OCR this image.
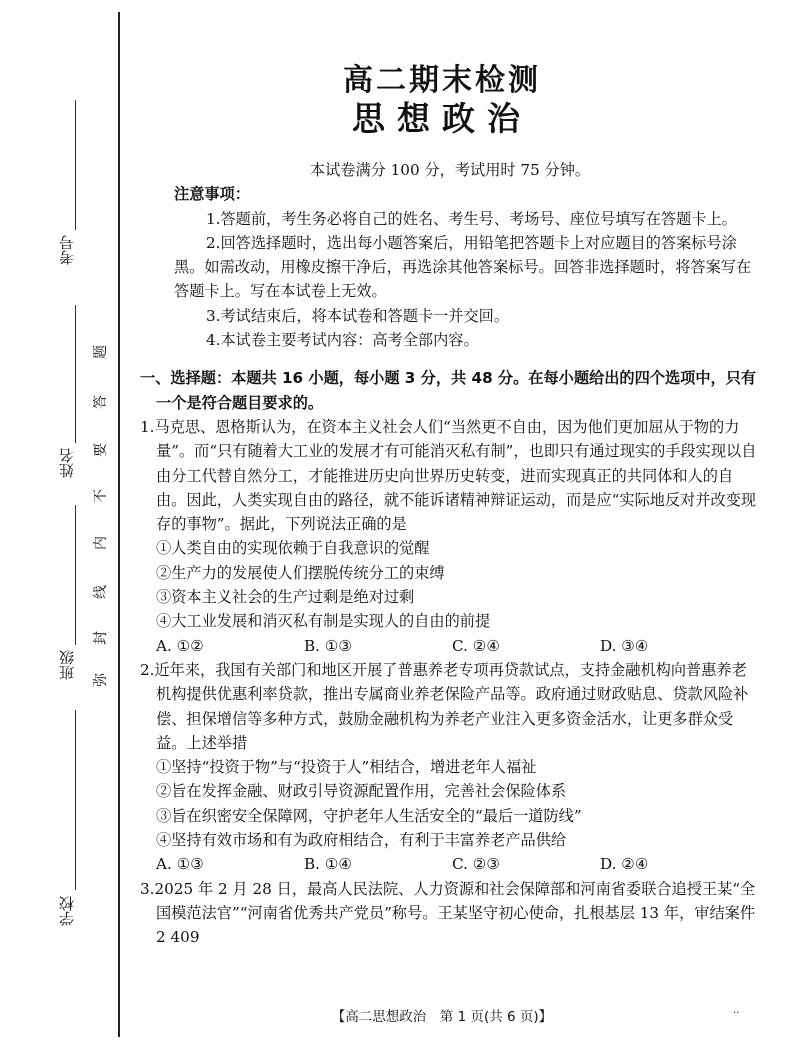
考号
姓名
班级
学校
弥
封
线
内
不
要
答
题
高二期末检测
思想政治
本试卷满分 100 分，考试用时 75 分钟。
注意事项：
1.答题前，考生务必将自己的姓名、考生号、考场号、座位号填写在答题卡上。
2.回答选择题时，选出每小题答案后，用铅笔把答题卡上对应题目的答案标号涂黑。如需改动，用橡皮擦干净后，再选涂其他答案标号。回答非选择题时，将答案写在答题卡上。写在本试卷上无效。
3.考试结束后，将本试卷和答题卡一并交回。
4.本试卷主要考试内容：高考全部内容。
一、选择题：本题共 16 小题，每小题 3 分，共 48 分。在每小题给出的四个选项中，只有一个是符合题目要求的。
1.马克思、恩格斯认为，在资本主义社会人们“当然更不自由，因为他们更加屈从于物的力量”。而“只有随着大工业的发展才有可能消灭私有制”，也即只有通过现实的手段实现以自由分工代替自然分工，才能推进历史向世界历史转变，进而实现真正的共同体和人的自由。因此，人类实现自由的路径，就不能诉诸精神辩证运动，而是应“实际地反对并改变现存的事物”。据此，下列说法正确的是
①人类自由的实现依赖于自我意识的觉醒
②生产力的发展使人们摆脱传统分工的束缚
③资本主义社会的生产过剩是绝对过剩
④大工业发展和消灭私有制是实现人的自由的前提
A. ①②	B. ①③	C. ②④	D. ③④
2.近年来，我国有关部门和地区开展了普惠养老专项再贷款试点，支持金融机构向普惠养老机构提供优惠利率贷款，推出专属商业养老保险产品等。政府通过财政贴息、贷款风险补偿、担保增信等多种方式，鼓励金融机构为养老产业注入更多资金活水，让更多群众受益。上述举措
①坚持“投资于物”与“投资于人”相结合，增进老年人福祉
②旨在发挥金融、财政引导资源配置作用，完善社会保险体系
③旨在织密安全保障网，守护老年人生活安全的“最后一道防线”
④坚持有效市场和有为政府相结合，有利于丰富养老产品供给
A. ①③	B. ①④	C. ②③	D. ②④
3.2025 年 2 月 28 日，最高人民法院、人力资源和社会保障部和河南省委联合追授王某“全国模范法官”“河南省优秀共产党员”称号。王某坚守初心使命，扎根基层 13 年，审结案件 2 409
【高二思想政治　第 1 页(共 6 页)】	··
